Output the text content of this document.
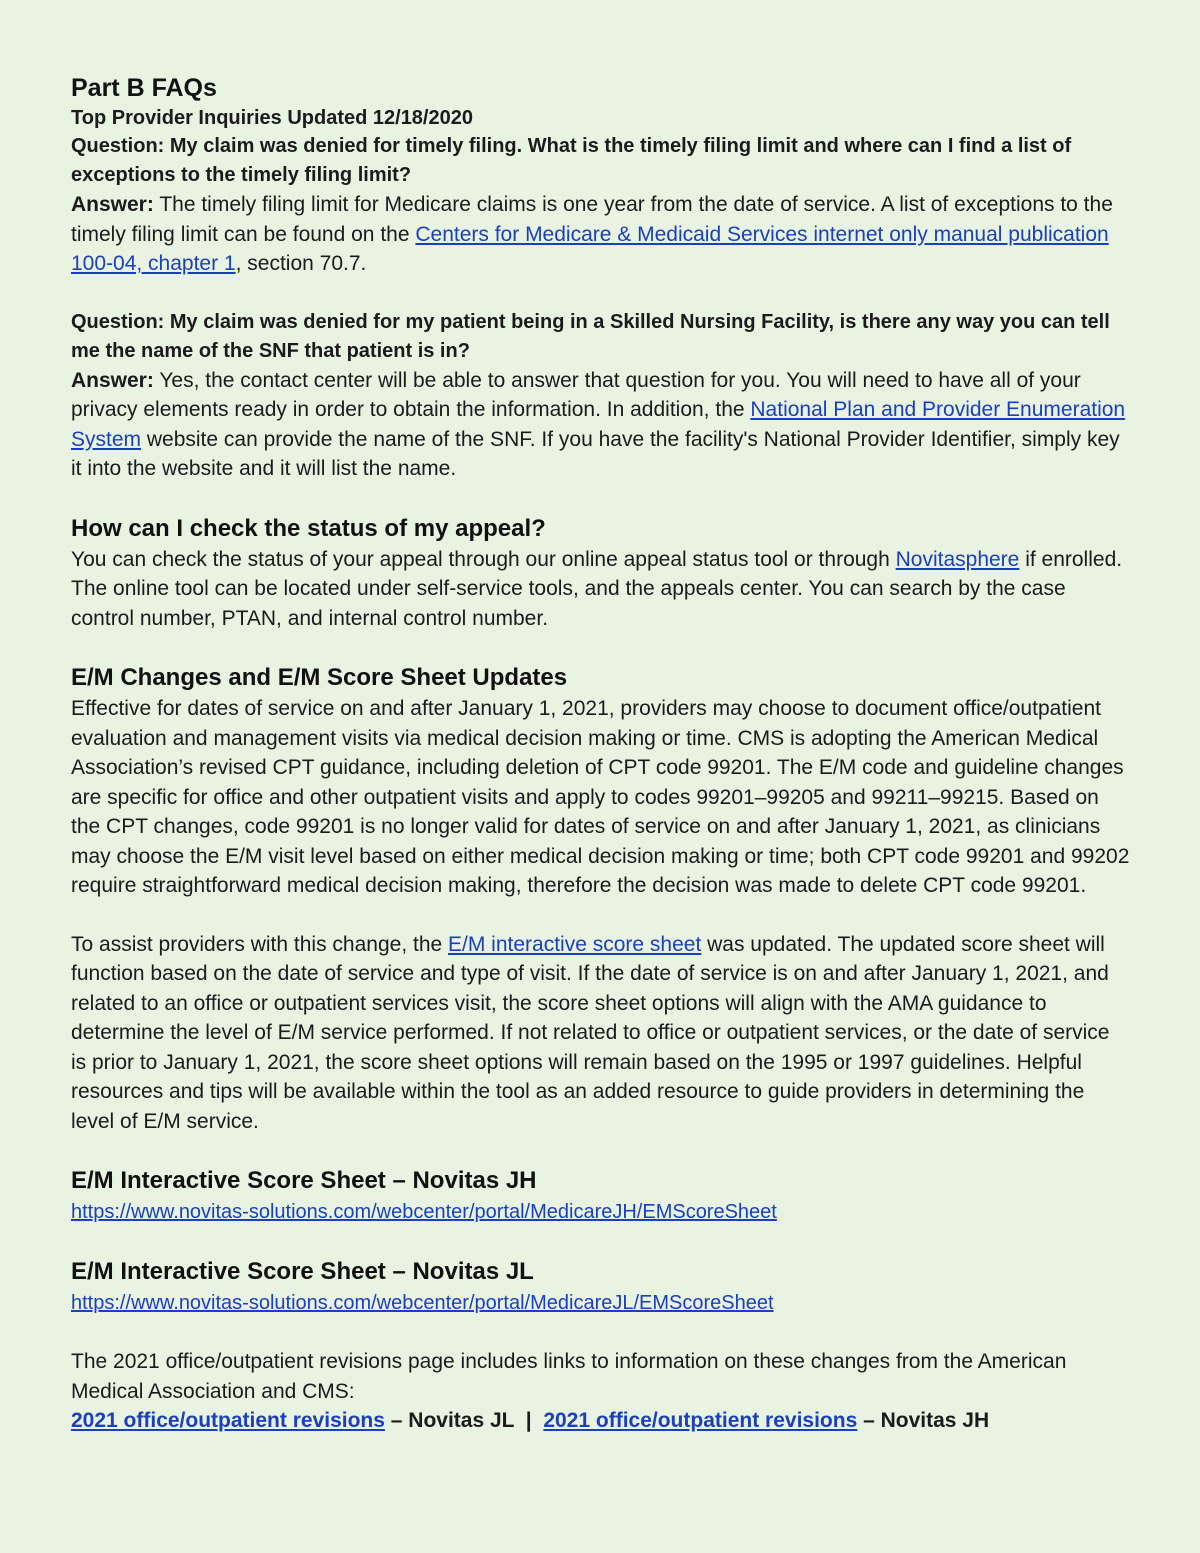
Part B FAQs
Top Provider Inquiries Updated 12/18/2020
Question: My claim was denied for timely filing. What is the timely filing limit and where can I find a list of exceptions to the timely filing limit?

Answer: The timely filing limit for Medicare claims is one year from the date of service. A list of exceptions to the timely filing limit can be found on the Centers for Medicare & Medicaid Services internet only manual publication 100-04, chapter 1, section 70.7.

Question: My claim was denied for my patient being in a Skilled Nursing Facility, is there any way you can tell me the name of the SNF that patient is in?

Answer: Yes, the contact center will be able to answer that question for you. You will need to have all of your privacy elements ready in order to obtain the information. In addition, the National Plan and Provider Enumeration System website can provide the name of the SNF. If you have the facility's National Provider Identifier, simply key it into the website and it will list the name.

How can I check the status of my appeal?

You can check the status of your appeal through our online appeal status tool or through Novitasphere if enrolled. The online tool can be located under self-service tools, and the appeals center. You can search by the case control number, PTAN, and internal control number.

E/M Changes and E/M Score Sheet Updates

Effective for dates of service on and after January 1, 2021, providers may choose to document office/outpatient evaluation and management visits via medical decision making or time. CMS is adopting the American Medical Association’s revised CPT guidance, including deletion of CPT code 99201. The E/M code and guideline changes are specific for office and other outpatient visits and apply to codes 99201–99205 and 99211–99215. Based on the CPT changes, code 99201 is no longer valid for dates of service on and after January 1, 2021, as clinicians may choose the E/M visit level based on either medical decision making or time; both CPT code 99201 and 99202 require straightforward medical decision making, therefore the decision was made to delete CPT code 99201.

To assist providers with this change, the E/M interactive score sheet was updated. The updated score sheet will function based on the date of service and type of visit. If the date of service is on and after January 1, 2021, and related to an office or outpatient services visit, the score sheet options will align with the AMA guidance to determine the level of E/M service performed. If not related to office or outpatient services, or the date of service is prior to January 1, 2021, the score sheet options will remain based on the 1995 or 1997 guidelines. Helpful resources and tips will be available within the tool as an added resource to guide providers in determining the level of E/M service.

E/M Interactive Score Sheet – Novitas JH
https://www.novitas-solutions.com/webcenter/portal/MedicareJH/EMScoreSheet
E/M Interactive Score Sheet – Novitas JL
https://www.novitas-solutions.com/webcenter/portal/MedicareJL/EMScoreSheet

The 2021 office/outpatient revisions page includes links to information on these changes from the American Medical Association and CMS:

2021 office/outpatient revisions – Novitas JL  |  2021 office/outpatient revisions – Novitas JH
